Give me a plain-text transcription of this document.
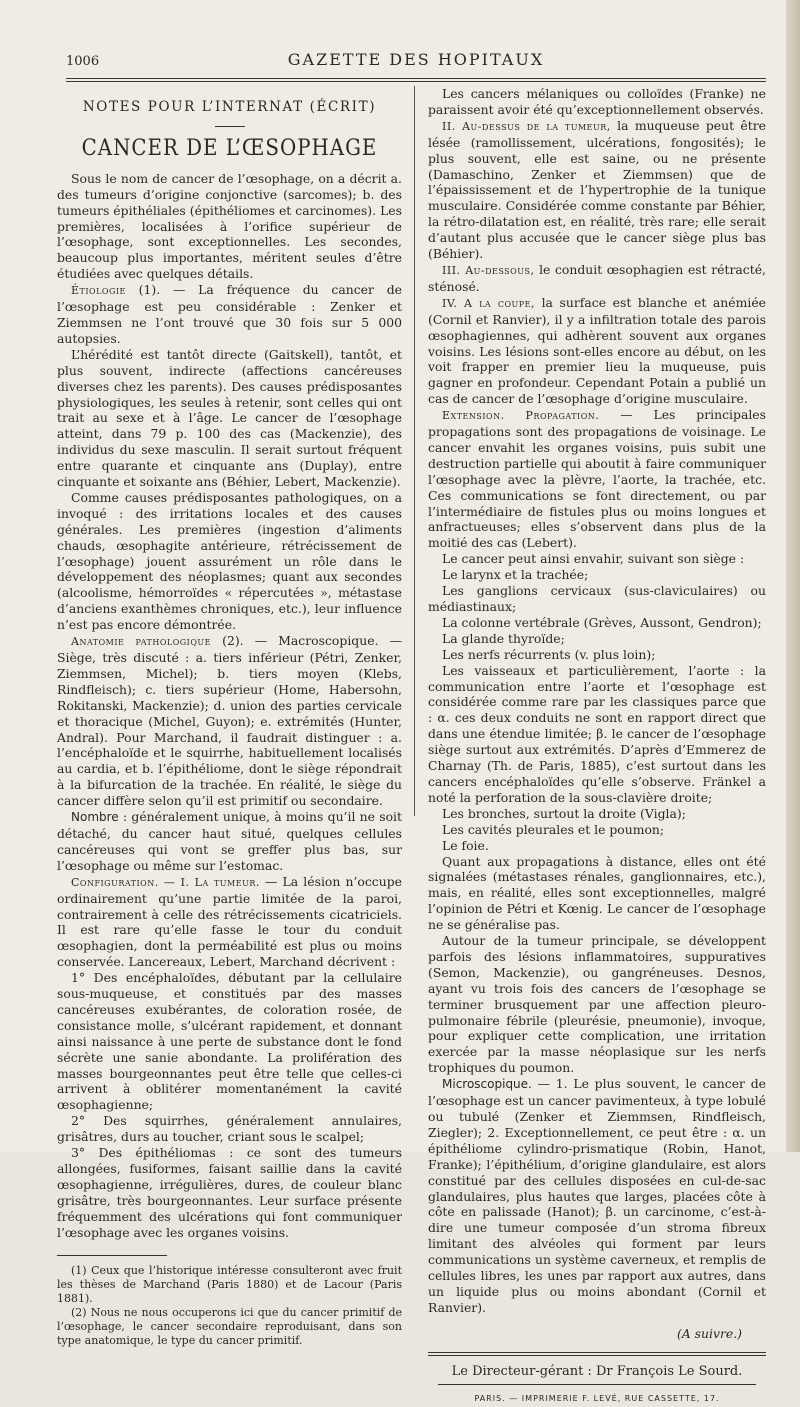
1006	GAZETTE DES HOPITAUX
NOTES POUR L’INTERNAT (ÉCRIT)
CANCER DE L’ŒSOPHAGE

Sous le nom de cancer de l’œsophage, on a décrit a. des tumeurs d’origine conjonctive (sarcomes); b. des tumeurs épithéliales (épithéliomes et carcinomes). Les premières, localisées à l’orifice supérieur de l’œsophage, sont exceptionnelles. Les secondes, beaucoup plus importantes, méritent seules d’être étudiées avec quelques détails.

Étiologie (1). — La fréquence du cancer de l’œsophage est peu considérable : Zenker et Ziemmsen ne l’ont trouvé que 30 fois sur 5 000 autopsies.

L’hérédité est tantôt directe (Gaitskell), tantôt, et plus souvent, indirecte (affections cancéreuses diverses chez les parents). Des causes prédisposantes physiologiques, les seules à retenir, sont celles qui ont trait au sexe et à l’âge. Le cancer de l’œsophage atteint, dans 79 p. 100 des cas (Mackenzie), des individus du sexe masculin. Il serait surtout fréquent entre quarante et cinquante ans (Duplay), entre cinquante et soixante ans (Béhier, Lebert, Mackenzie).

Comme causes prédisposantes pathologiques, on a invoqué : des irritations locales et des causes générales. Les premières (ingestion d’aliments chauds, œsophagite antérieure, rétrécissement de l’œsophage) jouent assurément un rôle dans le développement des néoplasmes; quant aux secondes (alcoolisme, hémorroïdes « répercutées », métastase d’anciens exanthèmes chroniques, etc.), leur influence n’est pas encore démontrée.

Anatomie pathologique (2). — Macroscopique. — Siège, très discuté : a. tiers inférieur (Pétri, Zenker, Ziemmsen, Michel); b. tiers moyen (Klebs, Rindfleisch); c. tiers supérieur (Home, Habersohn, Rokitanski, Mackenzie); d. union des parties cervicale et thoracique (Michel, Guyon); e. extrémités (Hunter, Andral). Pour Marchand, il faudrait distinguer : a. l’encéphaloïde et le squirrhe, habituellement localisés au cardia, et b. l’épithéliome, dont le siège répondrait à la bifurcation de la trachée. En réalité, le siège du cancer diffère selon qu’il est primitif ou secondaire.

Nombre : généralement unique, à moins qu’il ne soit détaché, du cancer haut situé, quelques cellules cancéreuses qui vont se greffer plus bas, sur l’œsophage ou même sur l’estomac.

Configuration. — I. La tumeur. — La lésion n’occupe ordinairement qu’une partie limitée de la paroi, contrairement à celle des rétrécissements cicatriciels. Il est rare qu’elle fasse le tour du conduit œsophagien, dont la perméabilité est plus ou moins conservée. Lancereaux, Lebert, Marchand décrivent :

1° Des encéphaloïdes, débutant par la cellulaire sous-muqueuse, et constitués par des masses cancéreuses exubérantes, de coloration rosée, de consistance molle, s’ulcérant rapidement, et donnant ainsi naissance à une perte de substance dont le fond sécrète une sanie abondante. La prolifération des masses bourgeonnantes peut être telle que celles-ci arrivent à oblitérer momentanément la cavité œsophagienne;

2° Des squirrhes, généralement annulaires, grisâtres, durs au toucher, criant sous le scalpel;

3° Des épithéliomas : ce sont des tumeurs allongées, fusiformes, faisant saillie dans la cavité œsophagienne, irrégulières, dures, de couleur blanc grisâtre, très bourgeonnantes. Leur surface présente fréquemment des ulcérations qui font communiquer l’œsophage avec les organes voisins.

(1) Ceux que l’historique intéresse consulteront avec fruit les thèses de Marchand (Paris 1880) et de Lacour (Paris 1881).

(2) Nous ne nous occuperons ici que du cancer primitif de l’œsophage, le cancer secondaire reproduisant, dans son type anatomique, le type du cancer primitif.

Les cancers mélaniques ou colloïdes (Franke) ne paraissent avoir été qu’exceptionnellement observés.

II. Au-dessus de la tumeur, la muqueuse peut être lésée (ramollissement, ulcérations, fongosités); le plus souvent, elle est saine, ou ne présente (Damaschino, Zenker et Ziemmsen) que de l’épaississement et de l’hypertrophie de la tunique musculaire. Considérée comme constante par Béhier, la rétro-dilatation est, en réalité, très rare; elle serait d’autant plus accusée que le cancer siège plus bas (Béhier).

III. Au-dessous, le conduit œsophagien est rétracté, sténosé.

IV. A la coupe, la surface est blanche et anémiée (Cornil et Ranvier), il y a infiltration totale des parois œsophagiennes, qui adhèrent souvent aux organes voisins. Les lésions sont-elles encore au début, on les voit frapper en premier lieu la muqueuse, puis gagner en profondeur. Cependant Potain a publié un cas de cancer de l’œsophage d’origine musculaire.

Extension. Propagation. — Les principales propagations sont des propagations de voisinage. Le cancer envahit les organes voisins, puis subit une destruction partielle qui aboutit à faire communiquer l’œsophage avec la plèvre, l’aorte, la trachée, etc. Ces communications se font directement, ou par l’intermédiaire de fistules plus ou moins longues et anfractueuses; elles s’observent dans plus de la moitié des cas (Lebert).

Le cancer peut ainsi envahir, suivant son siège :

Le larynx et la trachée;

Les ganglions cervicaux (sus-claviculaires) ou médiastinaux;

La colonne vertébrale (Grèves, Aussont, Gendron);

La glande thyroïde;

Les nerfs récurrents (v. plus loin);

Les vaisseaux et particulièrement, l’aorte : la communication entre l’aorte et l’œsophage est considérée comme rare par les classiques parce que : α. ces deux conduits ne sont en rapport direct que dans une étendue limitée; β. le cancer de l’œsophage siège surtout aux extrémités. D’après d’Emmerez de Charnay (Th. de Paris, 1885), c’est surtout dans les cancers encéphaloïdes qu’elle s’observe. Fränkel a noté la perforation de la sous-clavière droite;

Les bronches, surtout la droite (Vigla);

Les cavités pleurales et le poumon;

Le foie.

Quant aux propagations à distance, elles ont été signalées (métastases rénales, ganglionnaires, etc.), mais, en réalité, elles sont exceptionnelles, malgré l’opinion de Pétri et Kœnig. Le cancer de l’œsophage ne se généralise pas.

Autour de la tumeur principale, se développent parfois des lésions inflammatoires, suppuratives (Semon, Mackenzie), ou gangréneuses. Desnos, ayant vu trois fois des cancers de l’œsophage se terminer brusquement par une affection pleuro-pulmonaire fébrile (pleurésie, pneumonie), invoque, pour expliquer cette complication, une irritation exercée par la masse néoplasique sur les nerfs trophiques du poumon.

Microscopique. — 1. Le plus souvent, le cancer de l’œsophage est un cancer pavimenteux, à type lobulé ou tubulé (Zenker et Ziemmsen, Rindfleisch, Ziegler); 2. Exceptionnellement, ce peut être : α. un épithéliome cylindro-prismatique (Robin, Hanot, Franke); l’épithélium, d’origine glandulaire, est alors constitué par des cellules disposées en cul-de-sac glandulaires, plus hautes que larges, placées côte à côte en palissade (Hanot); β. un carcinome, c’est-à-dire une tumeur composée d’un stroma fibreux limitant des alvéoles qui forment par leurs communications un système caverneux, et remplis de cellules libres, les unes par rapport aux autres, dans un liquide plus ou moins abondant (Cornil et Ranvier).

(A suivre.)
Le Directeur-gérant : Dr François Le Sourd.
PARIS. — IMPRIMERIE F. LEVÉ, RUE CASSETTE, 17.
